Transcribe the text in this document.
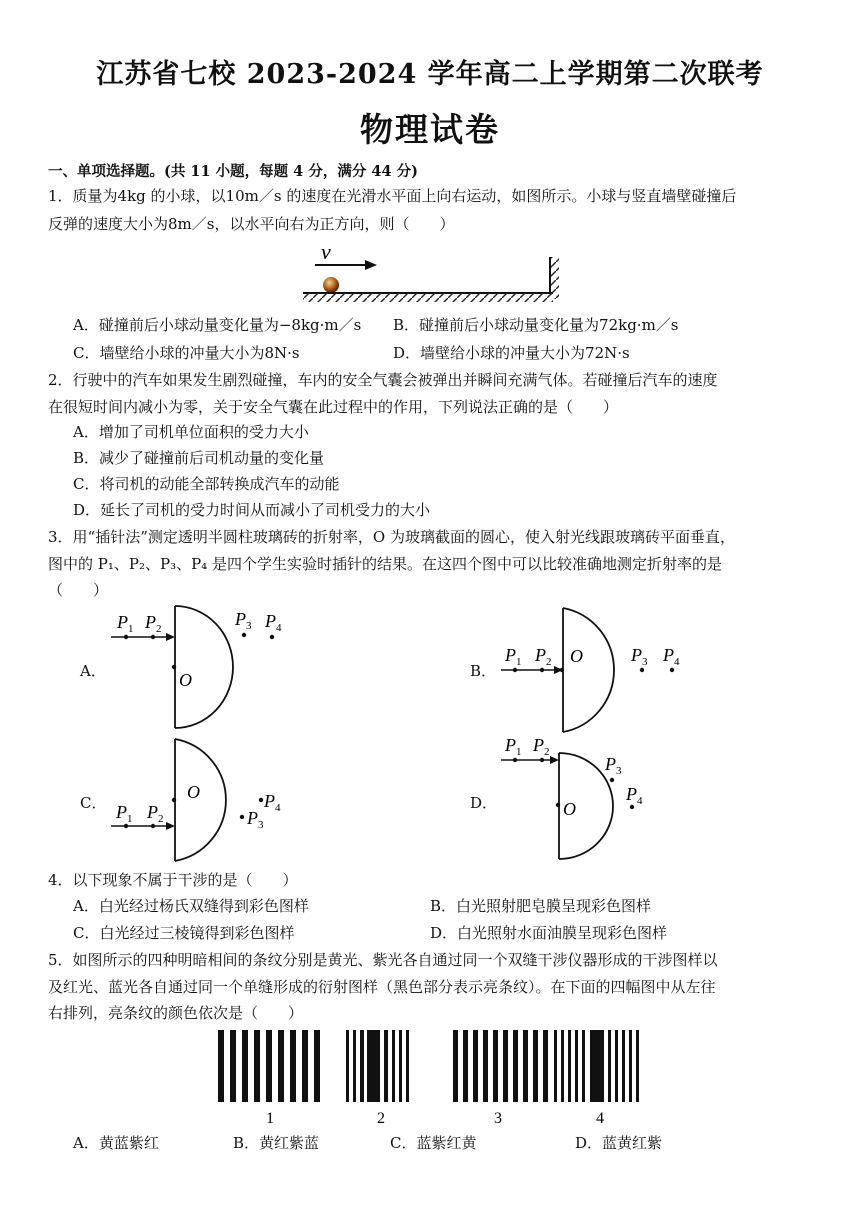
江苏省七校 2023-2024 学年高二上学期第二次联考
物理试卷
一、单项选择题。(共 11 小题，每题 4 分，满分 44 分)
1．质量为4kg 的小球，以10m／s 的速度在光滑水平面上向右运动，如图所示。小球与竖直墙壁碰撞后
反弹的速度大小为8m／s，以水平向右为正方向，则（　　）
v
A．碰撞前后小球动量变化量为−8kg·m／s B．碰撞前后小球动量变化量为72kg·m／s
C．墙壁给小球的冲量大小为8N·s	D．墙壁给小球的冲量大小为72N·s
2．行驶中的汽车如果发生剧烈碰撞，车内的安全气囊会被弹出并瞬间充满气体。若碰撞后汽车的速度
在很短时间内减小为零，关于安全气囊在此过程中的作用，下列说法正确的是（　　）
A．增加了司机单位面积的受力大小
B．减少了碰撞前后司机动量的变化量
C．将司机的动能全部转换成汽车的动能
D．延长了司机的受力时间从而减小了司机受力的大小
3．用“插针法”测定透明半圆柱玻璃砖的折射率，O 为玻璃截面的圆心，使入射光线跟玻璃砖平面垂直，
图中的 P₁、P₂、P₃、P₄ 是四个学生实验时插针的结果。在这四个图中可以比较准确地测定折射率的是
（　　）
A．
$P_1$ $P_2$	$P_3$ $P_4$
O	B．
$P_1$ $P_2$ O	$P_3$ $P_4$
C． $P_1$ $P_2$
O	$P_4$
$P_3$
D．
$P_1$ $P_2$
O
$P_3$
$P_4$
4．以下现象不属于干涉的是（　　）
A．白光经过杨氏双缝得到彩色图样	B．白光照射肥皂膜呈现彩色图样
C．白光经过三棱镜得到彩色图样	D．白光照射水面油膜呈现彩色图样
5．如图所示的四种明暗相间的条纹分别是黄光、紫光各自通过同一个双缝干涉仪器形成的干涉图样以
及红光、蓝光各自通过同一个单缝形成的衍射图样（黑色部分表示亮条纹）。在下面的四幅图中从左往
右排列，亮条纹的颜色依次是（　　）
1	2	3	4
A．黄蓝紫红	B．黄红紫蓝	C．蓝紫红黄	D．蓝黄红紫
